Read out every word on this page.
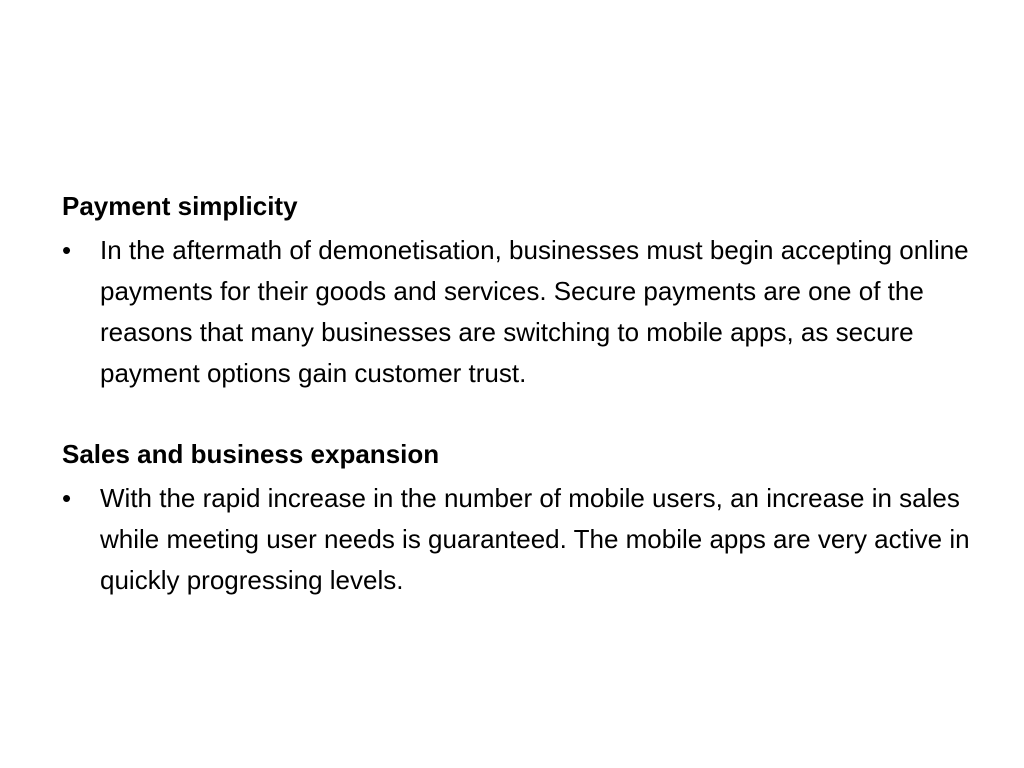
Payment simplicity
• In the aftermath of demonetisation, businesses must begin accepting online payments for their goods and services. Secure payments are one of the reasons that many businesses are switching to mobile apps, as secure payment options gain customer trust.
Sales and business expansion
• With the rapid increase in the number of mobile users, an increase in sales while meeting user needs is guaranteed. The mobile apps are very active in quickly progressing levels.
